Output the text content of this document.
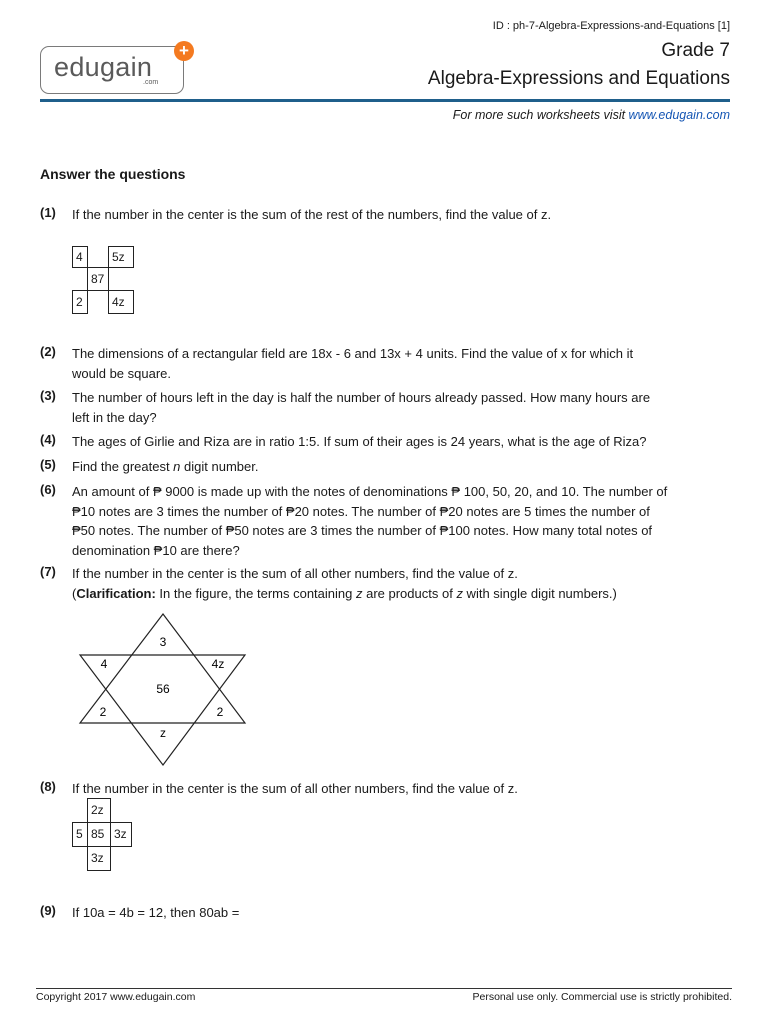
ID : ph-7-Algebra-Expressions-and-Equations [1]
edugain
.com
+	Grade 7
Algebra-Expressions and Equations
For more such worksheets visit www.edugain.com
Answer the questions
(1) If the number in the center is the sum of the rest of the numbers, find the value of z.
4	5z
87
2	4z
(2) The dimensions of a rectangular field are 18x - 6 and 13x + 4 units. Find the value of x for which it
would be square.
(3) The number of hours left in the day is half the number of hours already passed. How many hours are
left in the day?
(4) The ages of Girlie and Riza are in ratio 1:5. If sum of their ages is 24 years, what is the age of Riza?
(5) Find the greatest n digit number.
(6) An amount of ₱ 9000 is made up with the notes of denominations ₱ 100, 50, 20, and 10. The number of
₱10 notes are 3 times the number of ₱20 notes. The number of ₱20 notes are 5 times the number of
₱50 notes. The number of ₱50 notes are 3 times the number of ₱100 notes. How many total notes of
denomination ₱10 are there?
(7) If the number in the center is the sum of all other numbers, find the value of z.
(Clarification: In the figure, the terms containing z are products of z with single digit numbers.)
3
4	4z
56
2	2
z
(8) If the number in the center is the sum of all other numbers, find the value of z.
2z
5 85 3z
3z
(9) If 10a = 4b = 12, then 80ab =
Copyright 2017 www.edugain.com	Personal use only. Commercial use is strictly prohibited.
